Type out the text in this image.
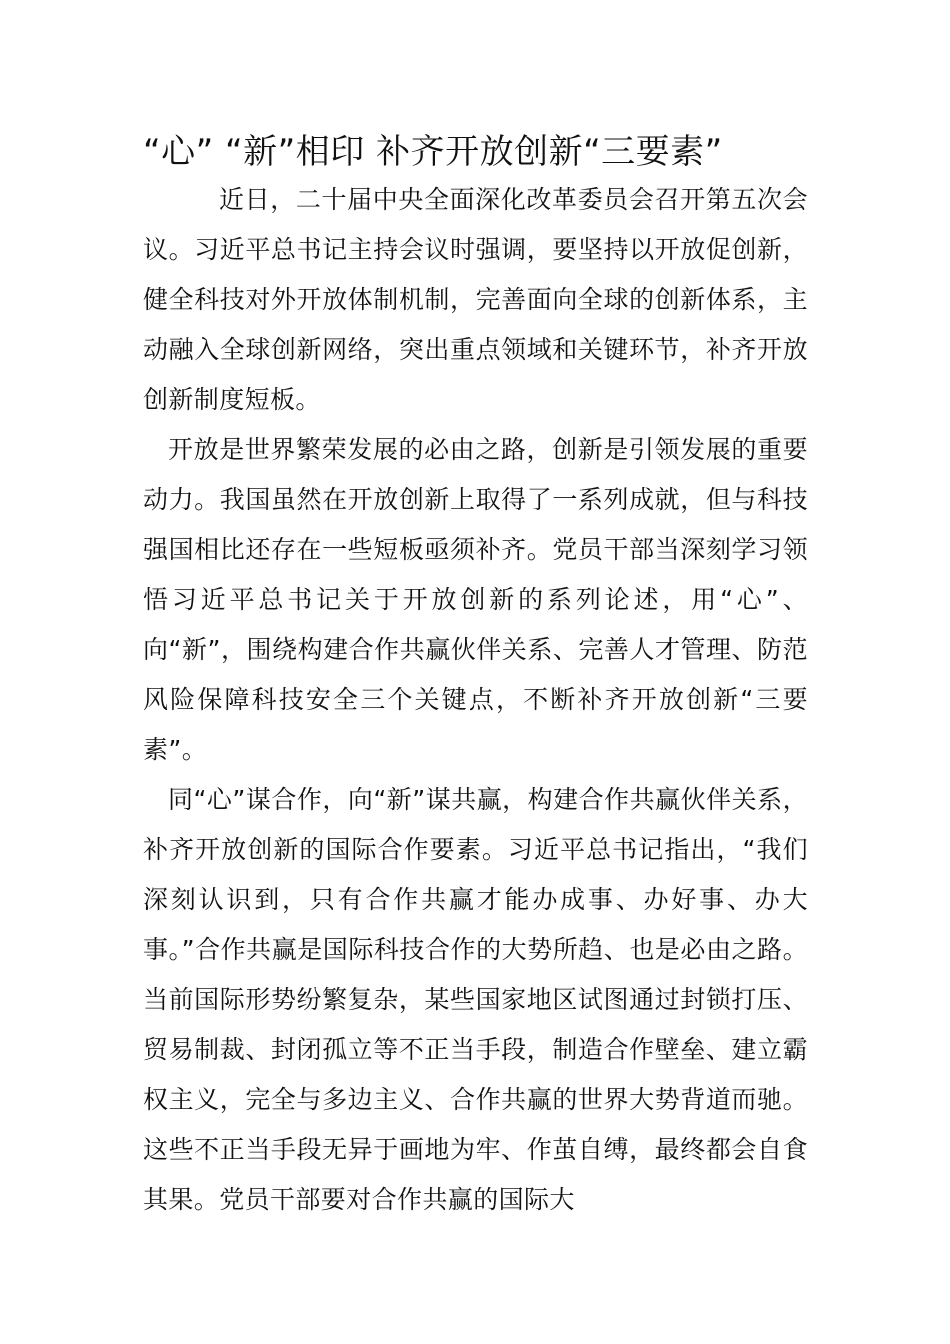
“心” “新”相印 补齐开放创新“三要素”

近日，二十届中央全面深化改革委员会召开第五次会议。习近平总书记主持会议时强调，要坚持以开放促创新，健全科技对外开放体制机制，完善面向全球的创新体系，主动融入全球创新网络，突出重点领域和关键环节，补齐开放创新制度短板。

开放是世界繁荣发展的必由之路，创新是引领发展的重要动力。我国虽然在开放创新上取得了一系列成就，但与科技强国相比还存在一些短板亟须补齐。党员干部当深刻学习领悟习近平总书记关于开放创新的系列论述，用“心”、向“新”，围绕构建合作共赢伙伴关系、完善人才管理、防范风险保障科技安全三个关键点，不断补齐开放创新“三要素”。

同“心”谋合作，向“新”谋共赢，构建合作共赢伙伴关系，补齐开放创新的国际合作要素。习近平总书记指出，“我们深刻认识到，只有合作共赢才能办成事、办好事、办大事。”合作共赢是国际科技合作的大势所趋、也是必由之路。当前国际形势纷繁复杂，某些国家地区试图通过封锁打压、贸易制裁、封闭孤立等不正当手段，制造合作壁垒、建立霸权主义，完全与多边主义、合作共赢的世界大势背道而驰。这些不正当手段无异于画地为牢、作茧自缚，最终都会自食其果。党员干部要对合作共赢的国际大
